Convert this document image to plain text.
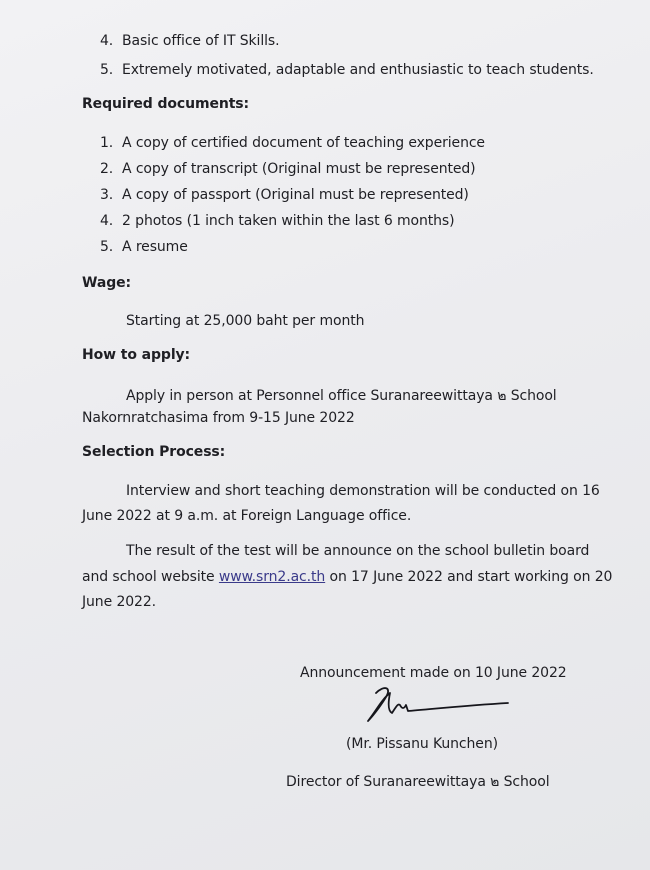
4. Basic office of IT Skills.
5. Extremely motivated, adaptable and enthusiastic to teach students.
Required documents:
1. A copy of certified document of teaching experience
2. A copy of transcript (Original must be represented)
3. A copy of passport (Original must be represented)
4. 2 photos (1 inch taken within the last 6 months)
5. A resume
Wage:
Starting at 25,000 baht per month
How to apply:
Apply in person at Personnel office Suranareewittaya ๒ School
Nakornratchasima from 9-15 June 2022
Selection Process:
Interview and short teaching demonstration will be conducted on 16
June 2022 at 9 a.m. at Foreign Language office.
The result of the test will be announce on the school bulletin board
and school website www.srn2.ac.th on 17 June 2022 and start working on 20
June 2022.
Announcement made on 10 June 2022
(Mr. Pissanu Kunchen)
Director of Suranareewittaya ๒ School
